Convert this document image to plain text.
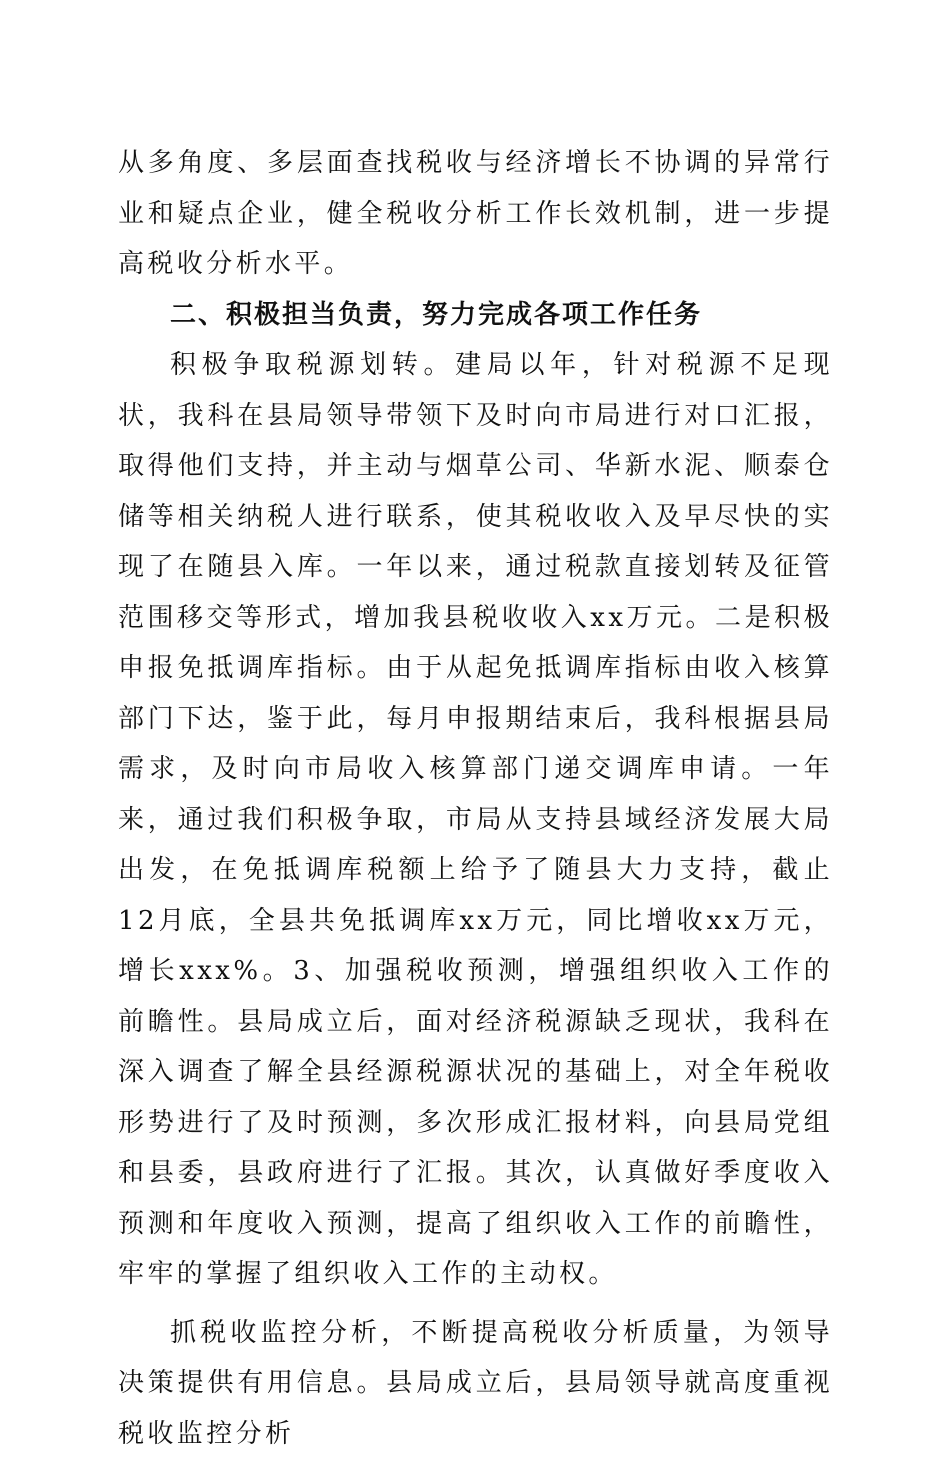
从多角度、多层面查找税收与经济增长不协调的异常行业和疑点企业，健全税收分析工作长效机制，进一步提高税收分析水平。

二、积极担当负责，努力完成各项工作任务

积极争取税源划转。建局以年，针对税源不足现状，我科在县局领导带领下及时向市局进行对口汇报，取得他们支持，并主动与烟草公司、华新水泥、顺泰仓储等相关纳税人进行联系，使其税收收入及早尽快的实现了在随县入库。一年以来，通过税款直接划转及征管范围移交等形式，增加我县税收收入xx万元。二是积极申报免抵调库指标。由于从起免抵调库指标由收入核算部门下达，鉴于此，每月申报期结束后，我科根据县局需求，及时向市局收入核算部门递交调库申请。一年来，通过我们积极争取，市局从支持县域经济发展大局出发，在免抵调库税额上给予了随县大力支持，截止12月底，全县共免抵调库xx万元，同比增收xx万元，增长xxx%。3、加强税收预测，增强组织收入工作的前瞻性。县局成立后，面对经济税源缺乏现状，我科在深入调查了解全县经源税源状况的基础上，对全年税收形势进行了及时预测，多次形成汇报材料，向县局党组和县委，县政府进行了汇报。其次，认真做好季度收入预测和年度收入预测，提高了组织收入工作的前瞻性，牢牢的掌握了组织收入工作的主动权。

抓税收监控分析，不断提高税收分析质量，为领导决策提供有用信息。县局成立后，县局领导就高度重视税收监控分析
